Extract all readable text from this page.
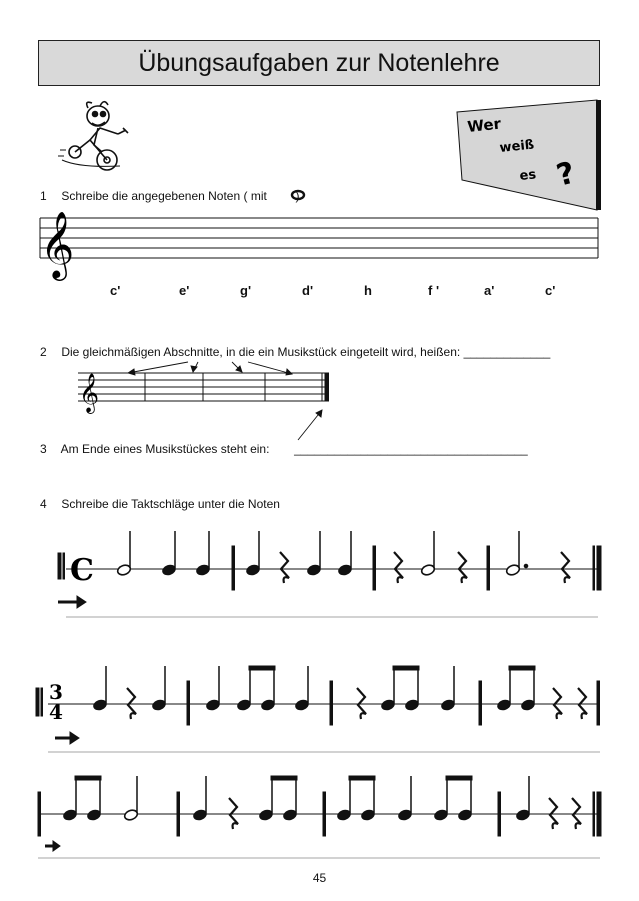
Übungsaufgaben zur Notenlehre
𝄞
𝄞
C
3
4
Wer
weiß
es ?
1 Schreibe die angegebenen Noten ( mit )
c'	e'	g'	d'	h	f '	a'	c'
2 Die gleichmäßigen Abschnitte, in die ein Musikstück eingeteilt wird, heißen: _____________
3 Am Ende eines Musikstückes steht ein: ___________________________________
4 Schreibe die Taktschläge unter die Noten
45
